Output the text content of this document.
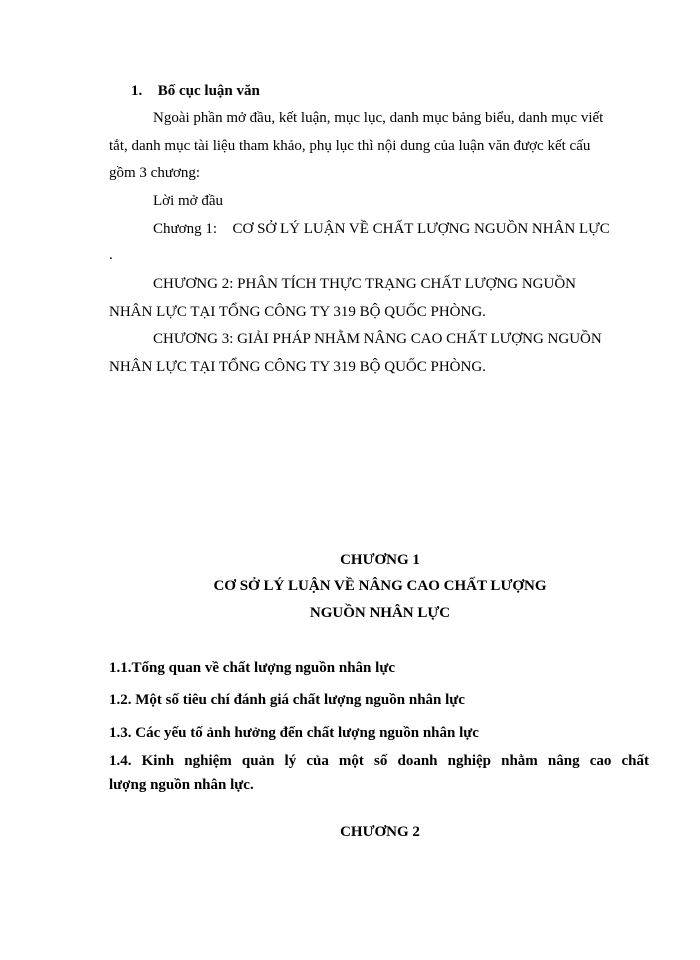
1. Bố cục luận văn
Ngoài phần mở đầu, kết luận, mục lục, danh mục bảng biểu, danh mục viết
tắt, danh mục tài liệu tham khảo, phụ lục thì nội dung của luận văn được kết cấu
gồm 3 chương:
Lời mở đầu
Chương 1: CƠ SỞ LÝ LUẬN VỀ CHẤT LƯỢNG NGUỒN NHÂN LỰC
.
CHƯƠNG 2: PHÂN TÍCH THỰC TRẠNG CHẤT LƯỢNG NGUỒN
NHÂN LỰC TẠI TỔNG CÔNG TY 319 BỘ QUỐC PHÒNG.
CHƯƠNG 3: GIẢI PHÁP NHẰM NÂNG CAO CHẤT LƯỢNG NGUỒN
NHÂN LỰC TẠI TỔNG CÔNG TY 319 BỘ QUỐC PHÒNG.
CHƯƠNG 1
CƠ SỞ LÝ LUẬN VỀ NÂNG CAO CHẤT LƯỢNG
NGUỒN NHÂN LỰC
1.1.Tổng quan về chất lượng nguồn nhân lực
1.2. Một số tiêu chí đánh giá chất lượng nguồn nhân lực
1.3. Các yếu tố ảnh hưởng đến chất lượng nguồn nhân lực
1.4. Kinh nghiệm quản lý của một số doanh nghiệp nhằm nâng cao chất
lượng nguồn nhân lực.
CHƯƠNG 2
